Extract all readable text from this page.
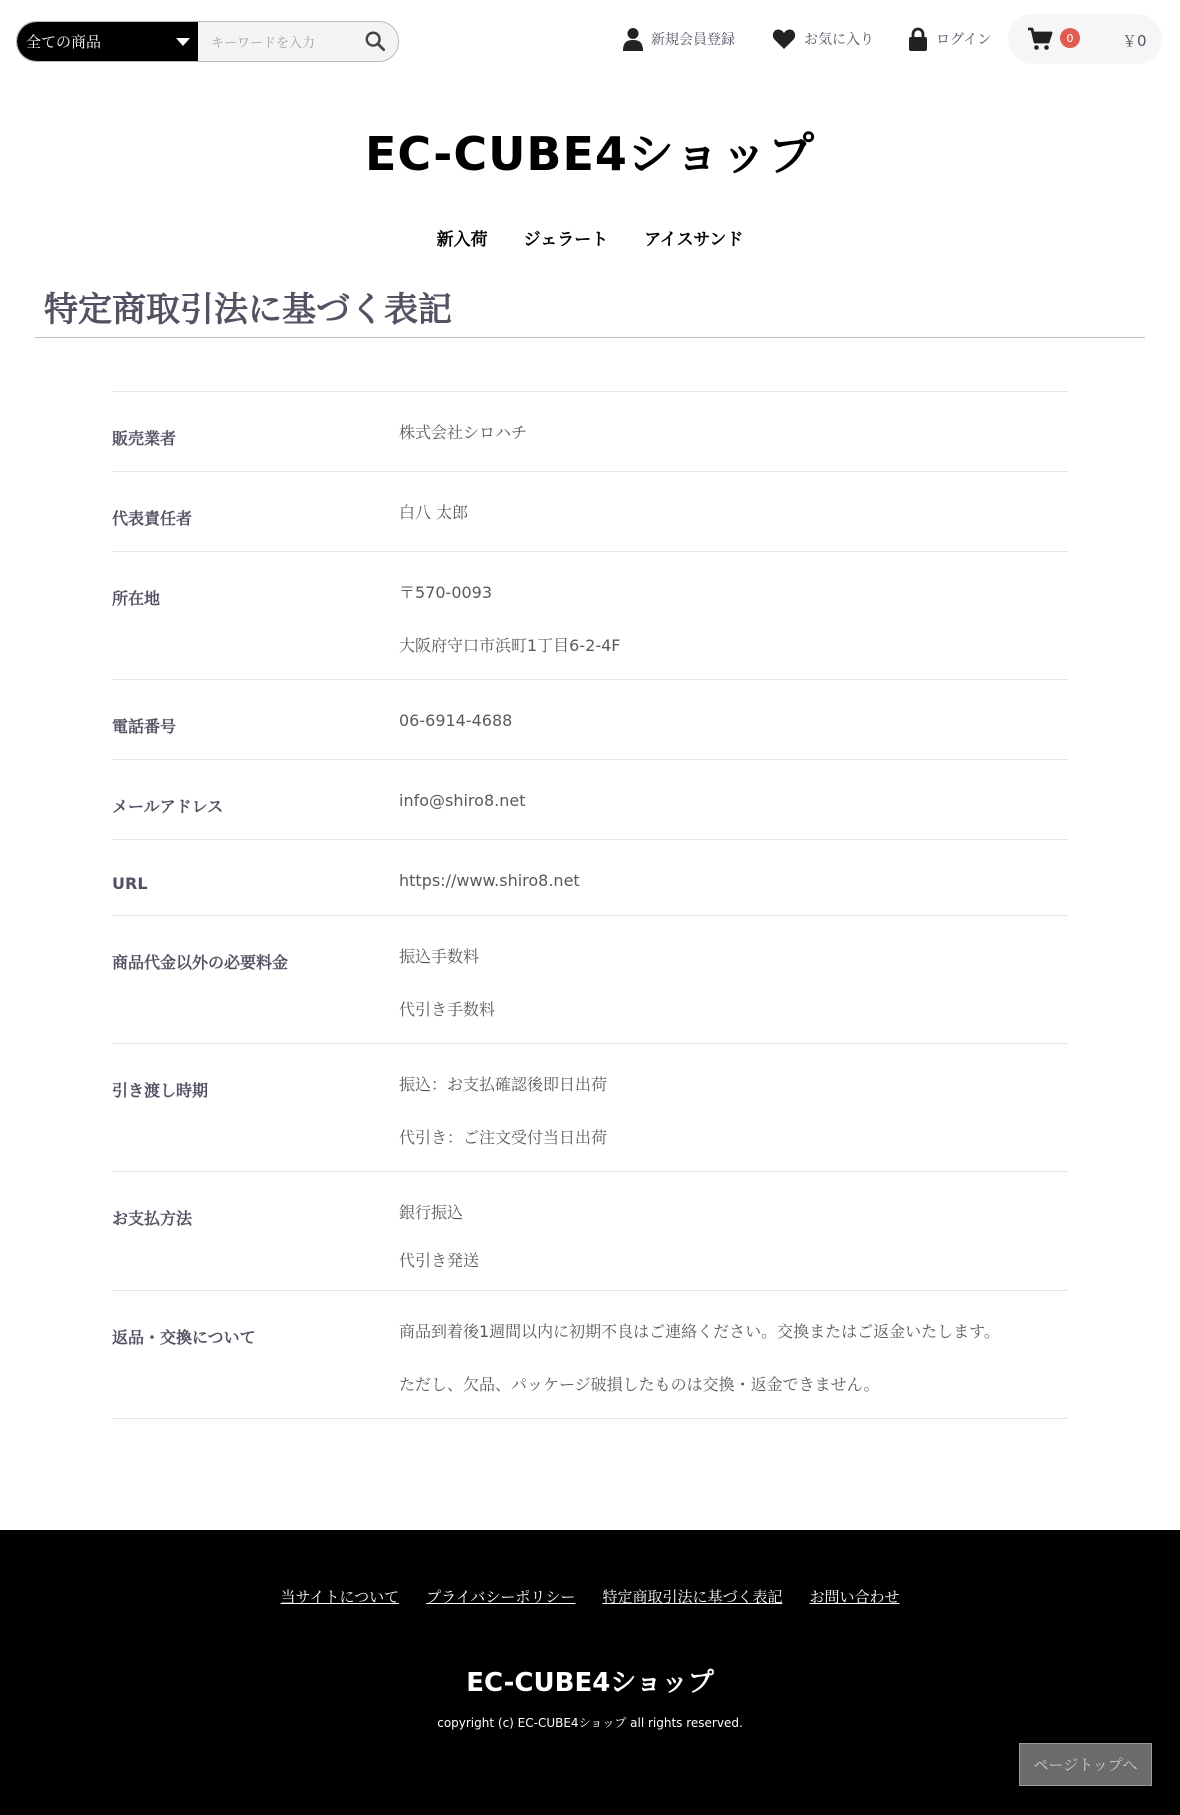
全ての商品	キーワードを入力	新規会員登録	お気に入り	ログイン	0	￥0
EC-CUBE4ショップ
新入荷 ジェラート アイスサンド
特定商取引法に基づく表記
販売業者	株式会社シロハチ
代表責任者	白八 太郎
所在地	〒570-0093
大阪府守口市浜町1丁目6-2-4F
電話番号	06-6914-4688
メールアドレス	info@shiro8.net
URL	https://www.shiro8.net
商品代金以外の必要料金	振込手数料
代引き手数料
引き渡し時期	振込：お支払確認後即日出荷
代引き：ご注文受付当日出荷
お支払方法	銀行振込
代引き発送
返品・交換について	商品到着後1週間以内に初期不良はご連絡ください。交換またはご返金いたします。
ただし、欠品、パッケージ破損したものは交換・返金できません。
当サイトについて プライバシーポリシー 特定商取引法に基づく表記 お問い合わせ
EC-CUBE4ショップ
copyright (c) EC-CUBE4ショップ all rights reserved.
ページトップへ
